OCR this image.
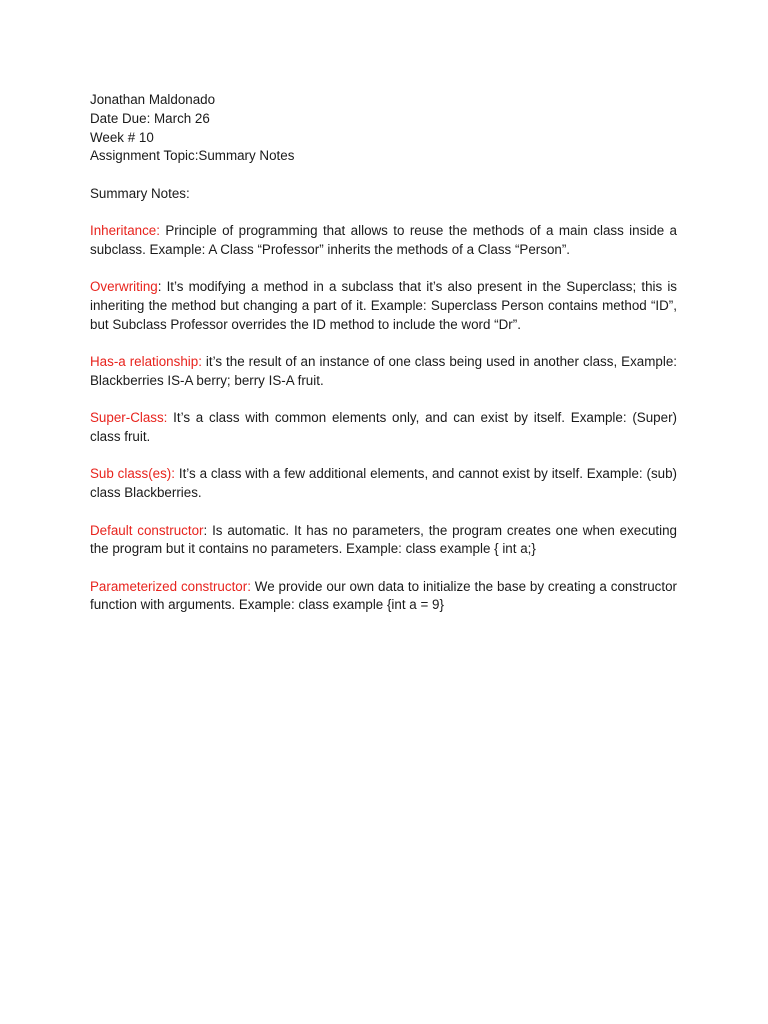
Jonathan Maldonado
Date Due: March 26
Week # 10
Assignment Topic:Summary Notes
Summary Notes:
Inheritance: Principle of programming that allows to reuse the methods of a main class inside a subclass. Example: A Class “Professor” inherits the methods of a Class “Person”.
Overwriting: It’s modifying a method in a subclass that it’s also present in the Superclass; this is inheriting the method but changing a part of it. Example: Superclass Person contains method “ID”, but Subclass Professor overrides the ID method to include the word “Dr”.
Has-a relationship: it’s the result of an instance of one class being used in another class, Example: Blackberries IS-A berry; berry IS-A fruit.
Super-Class: It’s a class with common elements only, and can exist by itself. Example: (Super) class fruit.
Sub class(es): It’s a class with a few additional elements, and cannot exist by itself. Example: (sub) class Blackberries.
Default constructor: Is automatic. It has no parameters, the program creates one when executing the program but it contains no parameters. Example: class example { int a;}
Parameterized constructor: We provide our own data to initialize the base by creating a constructor function with arguments. Example: class example {int a = 9}
